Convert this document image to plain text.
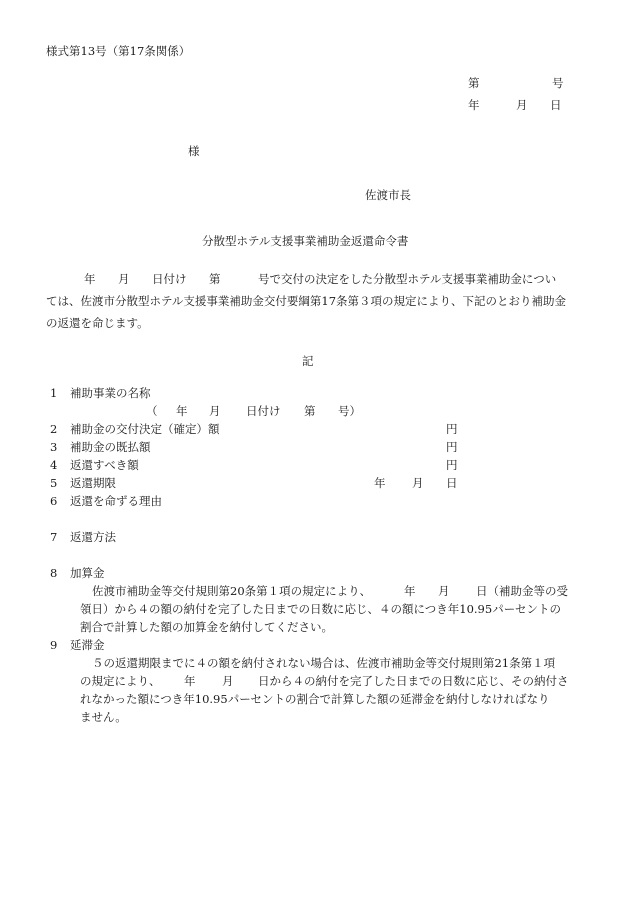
様式第13号（第17条関係）
第	号
年	月 日
様
佐渡市長
分散型ホテル支援事業補助金返還命令書
年 月 日付け 第	号で交付の決定をした分散型ホテル支援事業補助金につい
ては、佐渡市分散型ホテル支援事業補助金交付要綱第17条第３項の規定により、下記のとおり補助金
の返還を命じます。
記
1 補助事業の名称
（ 年 月 日付け 第 号）
2 補助金の交付決定（確定）額	円
3 補助金の既払額	円
4 返還すべき額	円
5 返還期限	年 月 日
6 返還を命ずる理由
7 返還方法
8 加算金
佐渡市補助金等交付規則第20条第１項の規定により、	年 月 日（補助金等の受
領日）から４の額の納付を完了した日までの日数に応じ、４の額につき年10.95パーセントの
割合で計算した額の加算金を納付してください。
9 延滞金
５の返還期限までに４の額を納付されない場合は、佐渡市補助金等交付規則第21条第１項
の規定により、 年 月 日から４の納付を完了した日までの日数に応じ、その納付さ
れなかった額につき年10.95パーセントの割合で計算した額の延滞金を納付しなければなり
ません。
